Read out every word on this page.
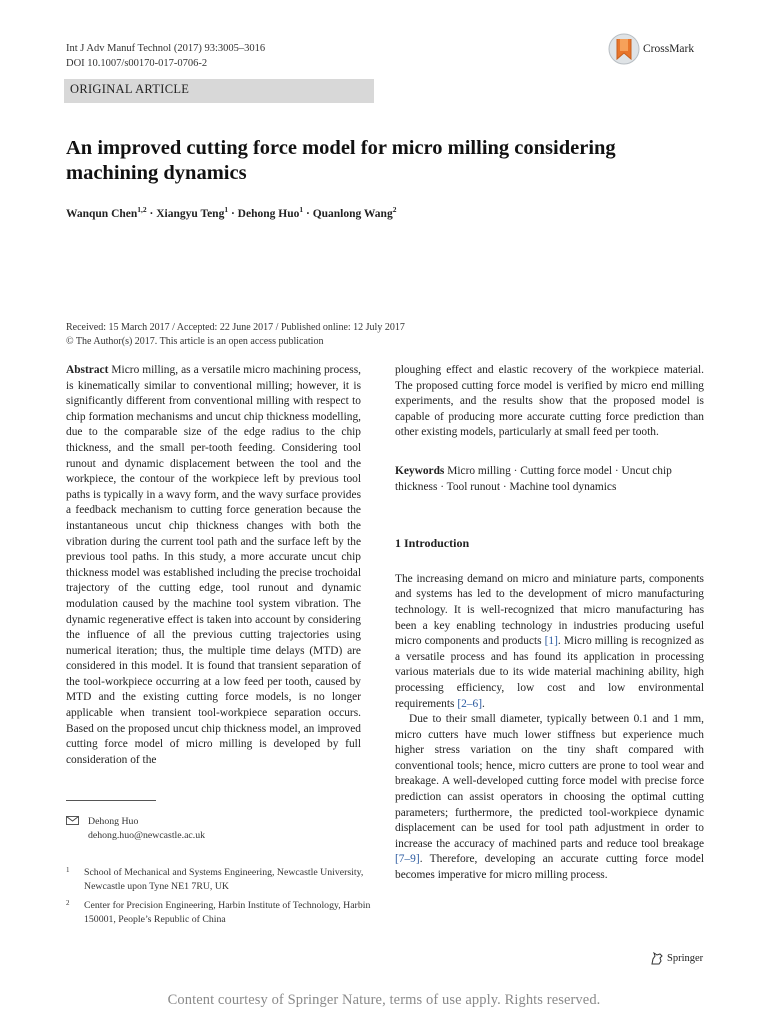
Int J Adv Manuf Technol (2017) 93:3005–3016
DOI 10.1007/s00170-017-0706-2
CrossMark
ORIGINAL ARTICLE
An improved cutting force model for micro milling considering machining dynamics
Wanqun Chen$^{1,2}$ · Xiangyu Teng$^1$ · Dehong Huo$^1$ · Quanlong Wang$^2$
Received: 15 March 2017 / Accepted: 22 June 2017 / Published online: 12 July 2017
© The Author(s) 2017. This article is an open access publication

Abstract Micro milling, as a versatile micro machining process, is kinematically similar to conventional milling; however, it is significantly different from conventional milling with respect to chip formation mechanisms and uncut chip thickness modelling, due to the comparable size of the edge radius to the chip thickness, and the small per-tooth feeding. Considering tool runout and dynamic displacement between the tool and the workpiece, the contour of the workpiece left by previous tool paths is typically in a wavy form, and the wavy surface provides a feedback mechanism to cutting force generation because the instantaneous uncut chip thickness changes with both the vibration during the current tool path and the surface left by the previous tool paths. In this study, a more accurate uncut chip thickness model was established including the precise trochoidal trajectory of the cutting edge, tool runout and dynamic modulation caused by the machine tool system vibration. The dynamic regenerative effect is taken into account by considering the influence of all the previous cutting trajectories using numerical iteration; thus, the multiple time delays (MTD) are considered in this model. It is found that transient separation of the tool-workpiece occurring at a low feed per tooth, caused by MTD and the existing cutting force models, is no longer applicable when transient tool-workpiece separation occurs. Based on the proposed uncut chip thickness model, an improved cutting force model of micro milling is developed by full consideration of the

ploughing effect and elastic recovery of the workpiece material. The proposed cutting force model is verified by micro end milling experiments, and the results show that the proposed model is capable of producing more accurate cutting force prediction than other existing models, particularly at small feed per tooth.

Keywords Micro milling · Cutting force model · Uncut chip thickness · Tool runout · Machine tool dynamics

1 Introduction

The increasing demand on micro and miniature parts, components and systems has led to the development of micro manufacturing technology. It is well-recognized that micro manufacturing has been a key enabling technology in industries producing useful micro components and products [1]. Micro milling is recognized as a versatile process and has found its application in processing various materials due to its wide material machining ability, high processing efficiency, low cost and low environmental requirements [2–6].

Due to their small diameter, typically between 0.1 and 1 mm, micro cutters have much lower stiffness but experience much higher stress variation on the tiny shaft compared with conventional tools; hence, micro cutters are prone to tool wear and breakage. A well-developed cutting force model with precise force prediction can assist operators in choosing the optimal cutting parameters; furthermore, the predicted tool-workpiece dynamic displacement can be used for tool path adjustment in order to increase the accuracy of machined parts and reduce tool breakage [7–9]. Therefore, developing an accurate cutting force model becomes imperative for micro milling process.

Dehong Huo
dehong.huo@newcastle.ac.uk
1 School of Mechanical and Systems Engineering, Newcastle University, Newcastle upon Tyne NE1 7RU, UK
2 Center for Precision Engineering, Harbin Institute of Technology, Harbin 150001, People’s Republic of China
Springer
Content courtesy of Springer Nature, terms of use apply. Rights reserved.
